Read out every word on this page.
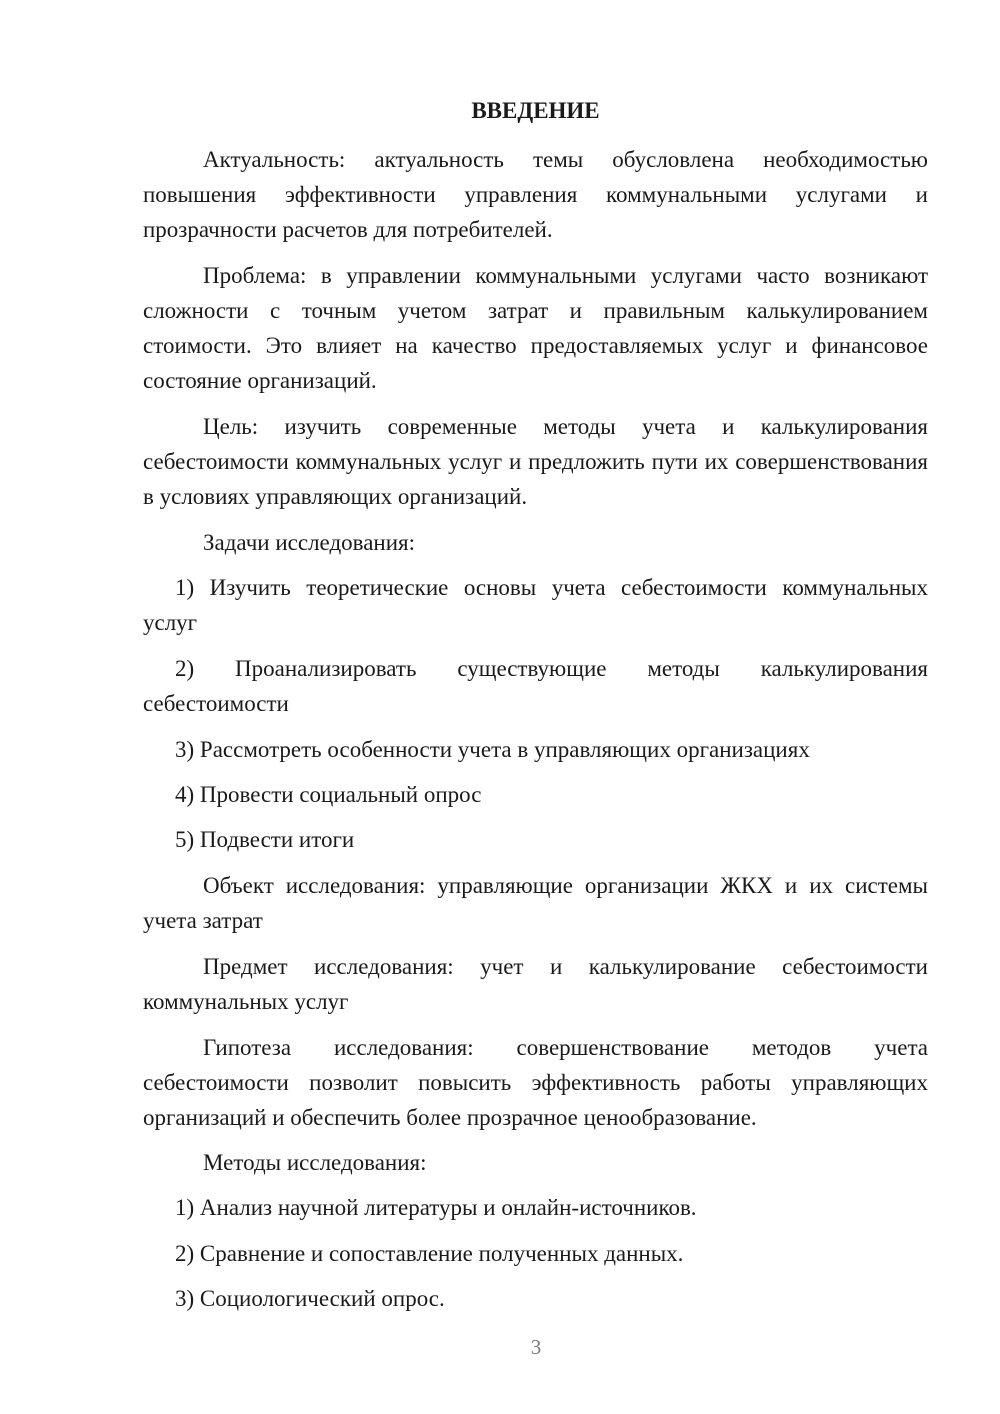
ВВЕДЕНИЕ

Актуальность: актуальность темы обусловлена необходимостью повышения эффективности управления коммунальными услугами и прозрачности расчетов для потребителей.

Проблема: в управлении коммунальными услугами часто возникают сложности с точным учетом затрат и правильным калькулированием стоимости. Это влияет на качество предоставляемых услуг и финансовое состояние организаций.

Цель: изучить современные методы учета и калькулирования себестоимости коммунальных услуг и предложить пути их совершенствования в условиях управляющих организаций.

Задачи исследования:

1) Изучить теоретические основы учета себестоимости коммунальных услуг

2) Проанализировать существующие методы калькулирования себестоимости

3) Рассмотреть особенности учета в управляющих организациях

4) Провести социальный опрос

5) Подвести итоги

Объект исследования: управляющие организации ЖКХ и их системы учета затрат

Предмет исследования: учет и калькулирование себестоимости коммунальных услуг

Гипотеза исследования: совершенствование методов учета себестоимости позволит повысить эффективность работы управляющих организаций и обеспечить более прозрачное ценообразование.

Методы исследования:

1) Анализ научной литературы и онлайн-источников.

2) Сравнение и сопоставление полученных данных.

3) Социологический опрос.

3
